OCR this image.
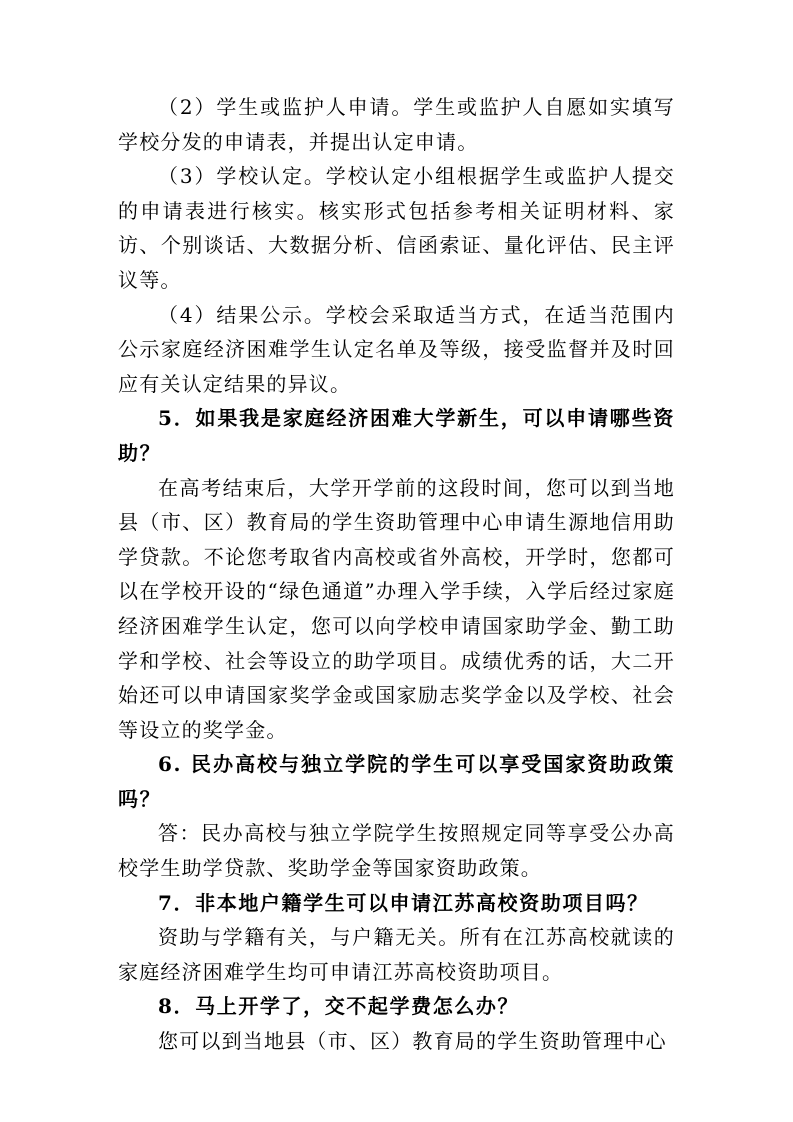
（2）学生或监护人申请。学生或监护人自愿如实填写学校分发的申请表，并提出认定申请。

（3）学校认定。学校认定小组根据学生或监护人提交的申请表进行核实。核实形式包括参考相关证明材料、家访、个别谈话、大数据分析、信函索证、量化评估、民主评议等。

（4）结果公示。学校会采取适当方式，在适当范围内公示家庭经济困难学生认定名单及等级，接受监督并及时回应有关认定结果的异议。

5．如果我是家庭经济困难大学新生，可以申请哪些资助？

在高考结束后，大学开学前的这段时间，您可以到当地县（市、区）教育局的学生资助管理中心申请生源地信用助学贷款。不论您考取省内高校或省外高校，开学时，您都可以在学校开设的“绿色通道”办理入学手续，入学后经过家庭经济困难学生认定，您可以向学校申请国家助学金、勤工助学和学校、社会等设立的助学项目。成绩优秀的话，大二开始还可以申请国家奖学金或国家励志奖学金以及学校、社会等设立的奖学金。

6. 民办高校与独立学院的学生可以享受国家资助政策吗？

答：民办高校与独立学院学生按照规定同等享受公办高校学生助学贷款、奖助学金等国家资助政策。

7．非本地户籍学生可以申请江苏高校资助项目吗？

资助与学籍有关，与户籍无关。所有在江苏高校就读的家庭经济困难学生均可申请江苏高校资助项目。

8．马上开学了，交不起学费怎么办？

您可以到当地县（市、区）教育局的学生资助管理中心
